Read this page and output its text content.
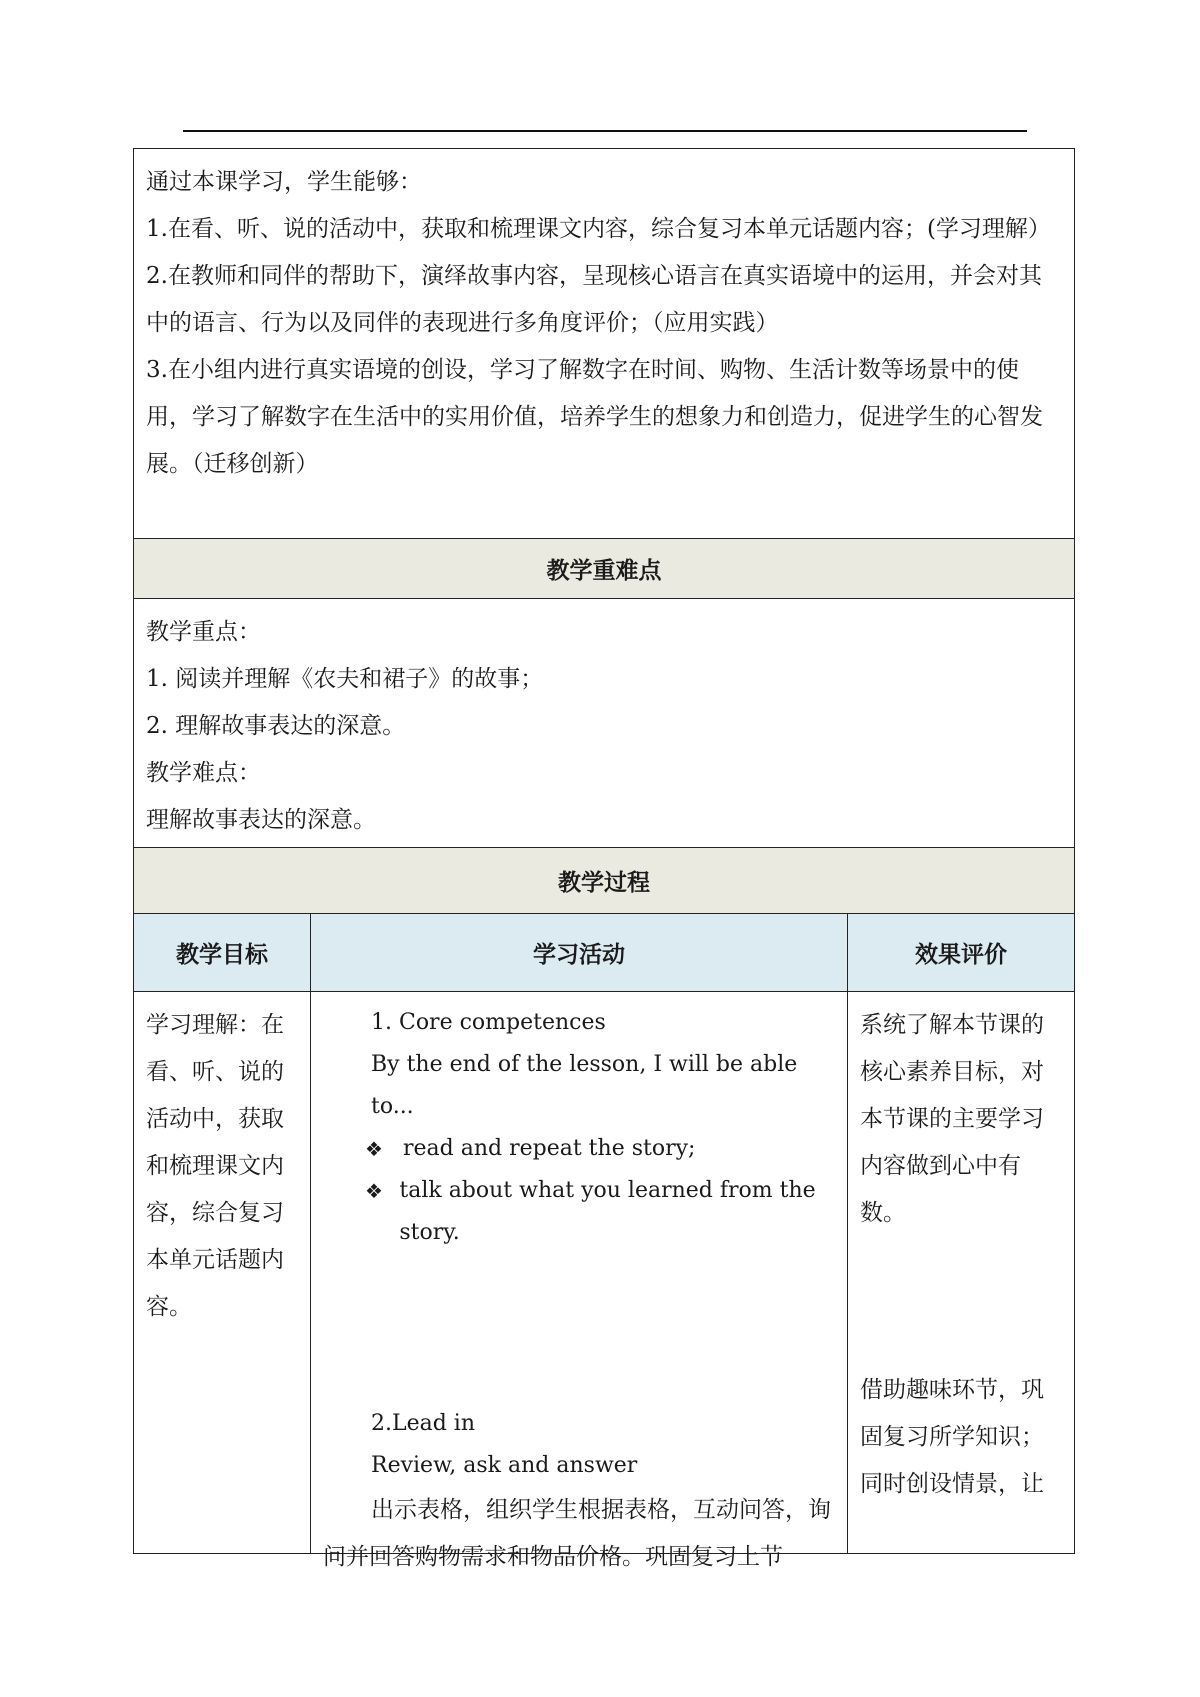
通过本课学习，学生能够：

1.在看、听、说的活动中，获取和梳理课文内容，综合复习本单元话题内容；(学习理解）

2.在教师和同伴的帮助下，演绎故事内容，呈现核心语言在真实语境中的运用，并会对其中的语言、行为以及同伴的表现进行多角度评价；（应用实践）

3.在小组内进行真实语境的创设，学习了解数字在时间、购物、生活计数等场景中的使用，学习了解数字在生活中的实用价值，培养学生的想象力和创造力，促进学生的心智发展。（迁移创新）

教学重难点

教学重点：

1. 阅读并理解《农夫和裙子》的故事；

2. 理解故事表达的深意。

教学难点：

理解故事表达的深意。

教学过程
教学目标	学习活动	效果评价
学习理解：在看、听、说的活动中，获取和梳理课文内容，综合复习本单元话题内容。
1. Core competences
By the end of the lesson, I will be able to...
❖ read and repeat the story;
❖ talk about what you learned from the story.
2.Lead in
Review, ask and answer
出示表格，组织学生根据表格，互动问答，询问并回答购物需求和物品价格。巩固复习上节
系统了解本节课的核心素养目标，对本节课的主要学习内容做到心中有数。
借助趣味环节，巩固复习所学知识；同时创设情景，让
